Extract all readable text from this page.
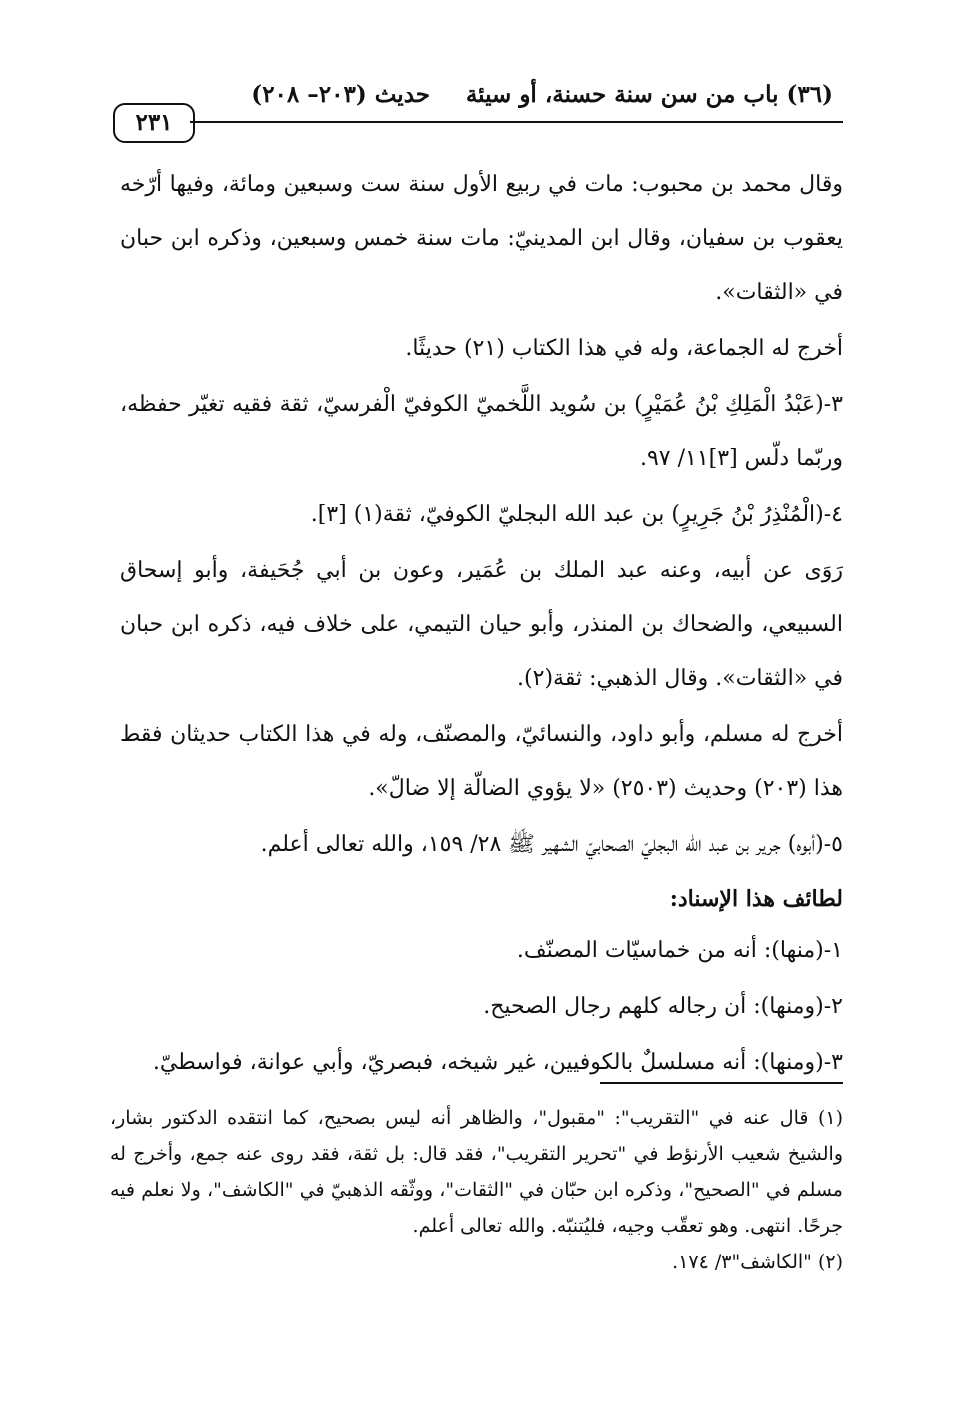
(٣٦) باب من سن سنة حسنة، أو سيئة
حديث (٢٠٣– ٢٠٨)
٢٣١

وقال محمد بن محبوب: مات في ربيع الأول سنة ست وسبعين ومائة، وفيها أرّخه يعقوب بن سفيان، وقال ابن المدينيّ: مات سنة خمس وسبعين، وذكره ابن حبان في «الثقات».

أخرج له الجماعة، وله في هذا الكتاب (٢١) حديثًا.

٣-(عَبْدُ الْمَلِكِ بْنُ عُمَيْرٍ) بن سُويد اللَّخميّ الكوفيّ الْفرسيّ، ثقة فقيه تغيّر حفظه، وربّما دلّس [٣]١١/ ٩٧.

٤-(الْمُنْذِرُ بْنُ جَرِيرٍ) بن عبد الله البجليّ الكوفيّ، ثقة(١) [٣].

رَوَى عن أبيه، وعنه عبد الملك بن عُمَير، وعون بن أبي جُحَيفة، وأبو إسحاق السبيعي، والضحاك بن المنذر، وأبو حيان التيمي، على خلاف فيه، ذكره ابن حبان في «الثقات». وقال الذهبي: ثقة(٢).

أخرج له مسلم، وأبو داود، والنسائيّ، والمصنّف، وله في هذا الكتاب حديثان فقط هذا (٢٠٣) وحديث (٢٥٠٣) «لا يؤوي الضالّة إلا ضالّ».

٥-(أبوه) جرير بن عبد الله البجليّ الصحابيّ الشهير ﷺ ٢٨/ ١٥٩، والله تعالى أعلم.

لطائف هذا الإسناد:

١-(منها): أنه من خماسيّات المصنّف.

٢-(ومنها): أن رجاله كلهم رجال الصحيح.

٣-(ومنها): أنه مسلسلٌ بالكوفيين، غير شيخه، فبصريّ، وأبي عوانة، فواسطيّ.

(١) قال عنه في "التقريب": "مقبول"، والظاهر أنه ليس بصحيح، كما انتقده الدكتور بشار، والشيخ شعيب الأرنؤط في "تحرير التقريب"، فقد قال: بل ثقة، فقد روى عنه جمع، وأخرج له مسلم في "الصحيح"، وذكره ابن حبّان في "الثقات"، ووثّقه الذهبيّ في "الكاشف"، ولا نعلم فيه جرحًا. انتهى. وهو تعقّب وجيه، فليُتنبّه. والله تعالى أعلم.

(٢) "الكاشف"٣/ ١٧٤.
